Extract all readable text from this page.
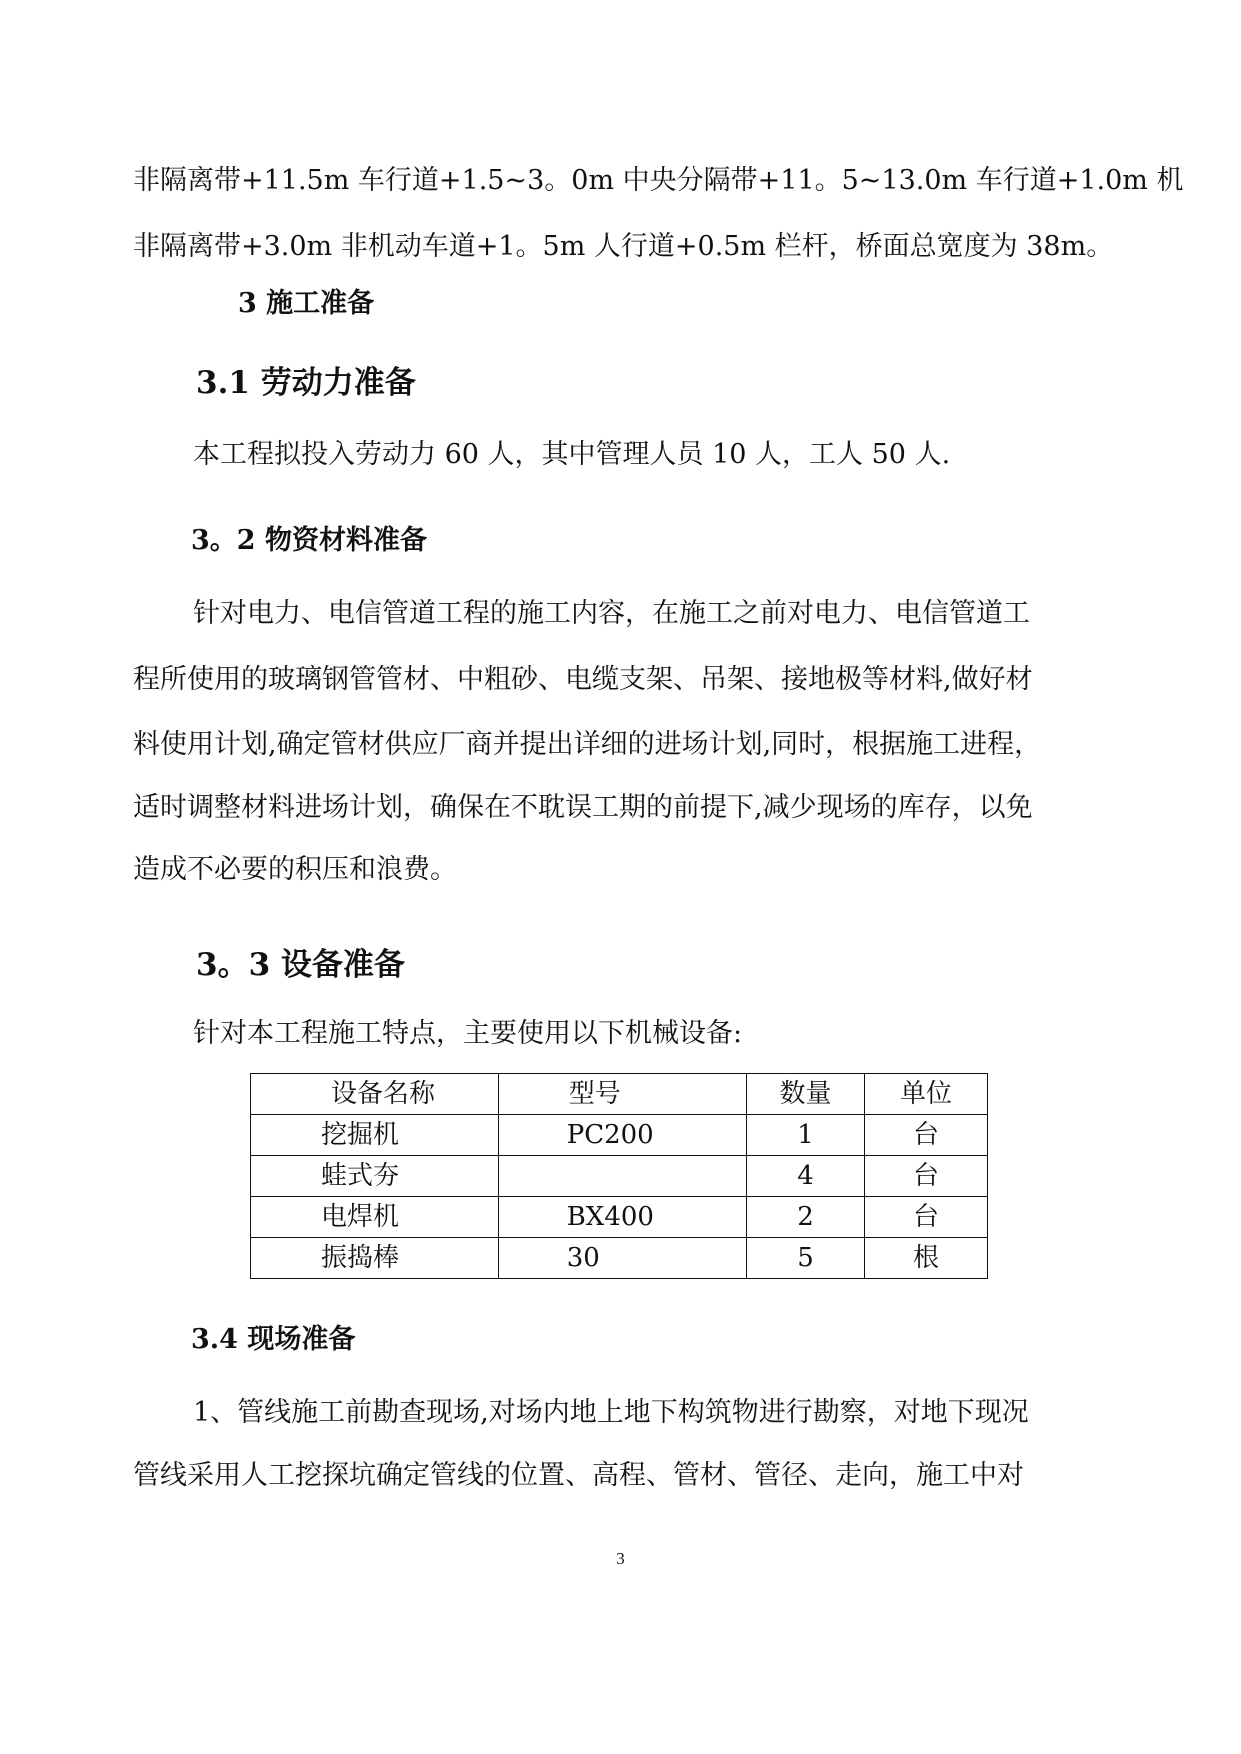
非隔离带+11.5m 车行道+1.5~3。0m 中央分隔带+11。5~13.0m 车行道+1.0m 机
非隔离带+3.0m 非机动车道+1。5m 人行道+0.5m 栏杆，桥面总宽度为 38m。
3 施工准备
3.1 劳动力准备
本工程拟投入劳动力 60 人，其中管理人员 10 人，工人 50 人.
3。2 物资材料准备
针对电力、电信管道工程的施工内容，在施工之前对电力、电信管道工
程所使用的玻璃钢管管材、中粗砂、电缆支架、吊架、接地极等材料,做好材
料使用计划,确定管材供应厂商并提出详细的进场计划,同时，根据施工进程，
适时调整材料进场计划，确保在不耽误工期的前提下,减少现场的库存，以免
造成不必要的积压和浪费。
3。3 设备准备
针对本工程施工特点，主要使用以下机械设备:
设备名称	型号	数量	单位
挖掘机	PC200	1	台
蛙式夯		4	台
电焊机	BX400	2	台
振捣棒	30	5	根
3.4 现场准备
1、管线施工前勘查现场,对场内地上地下构筑物进行勘察，对地下现况
管线采用人工挖探坑确定管线的位置、高程、管材、管径、走向，施工中对
3
